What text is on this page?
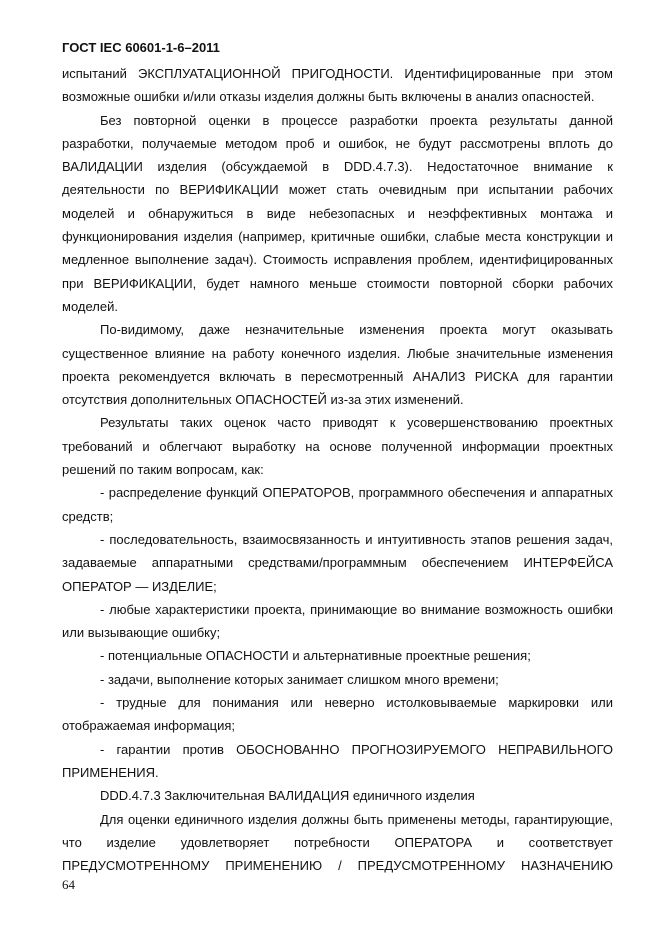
ГОСТ IEC 60601-1-6–2011

испытаний ЭКСПЛУАТАЦИОННОЙ ПРИГОДНОСТИ. Идентифицированные при этом возможные ошибки и/или отказы изделия должны быть включены в анализ опасностей.

Без повторной оценки в процессе разработки проекта результаты данной разработки, получаемые методом проб и ошибок, не будут рассмотрены вплоть до ВАЛИДАЦИИ изделия (обсуждаемой в DDD.4.7.3). Недостаточное внимание к деятельности по ВЕРИФИКАЦИИ может стать очевидным при испытании рабочих моделей и обнаружиться в виде небезопасных и неэффективных монтажа и функционирования изделия (например, критичные ошибки, слабые места конструкции и медленное выполнение задач). Стоимость исправления проблем, идентифицированных при ВЕРИФИКАЦИИ, будет намного меньше стоимости повторной сборки рабочих моделей.

По-видимому, даже незначительные изменения проекта могут оказывать существенное влияние на работу конечного изделия. Любые значительные изменения проекта рекомендуется включать в пересмотренный АНАЛИЗ РИСКА для гарантии отсутствия дополнительных ОПАСНОСТЕЙ из-за этих изменений.

Результаты таких оценок часто приводят к усовершенствованию проектных требований и облегчают выработку на основе полученной информации проектных решений по таким вопросам, как:

- распределение функций ОПЕРАТОРОВ, программного обеспечения и аппаратных средств;

- последовательность, взаимосвязанность и интуитивность этапов решения задач, задаваемые аппаратными средствами/программным обеспечением ИНТЕРФЕЙСА ОПЕРАТОР — ИЗДЕЛИЕ;

- любые характеристики проекта, принимающие во внимание возможность ошибки или вызывающие ошибку;

- потенциальные ОПАСНОСТИ и альтернативные проектные решения;

- задачи, выполнение которых занимает слишком много времени;

- трудные для понимания или неверно истолковываемые маркировки или отображаемая информация;

- гарантии против ОБОСНОВАННО ПРОГНОЗИРУЕМОГО НЕПРАВИЛЬНОГО ПРИМЕНЕНИЯ.

DDD.4.7.3 Заключительная ВАЛИДАЦИЯ единичного изделия

Для оценки единичного изделия должны быть применены методы, гарантирующие, что изделие удовлетворяет потребности ОПЕРАТОРА и соответствует ПРЕДУСМОТРЕННОМУ ПРИМЕНЕНИЮ / ПРЕДУСМОТРЕННОМУ НАЗНАЧЕНИЮ

64
